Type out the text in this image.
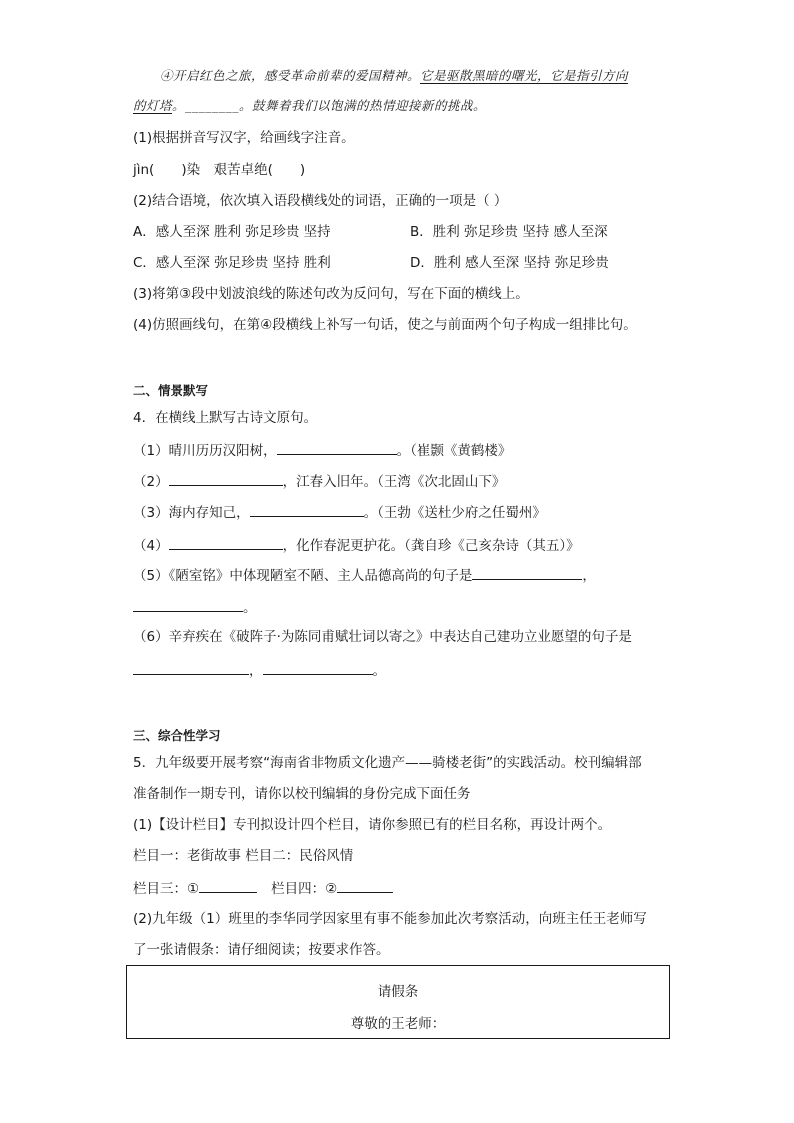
④开启红色之旅，感受革命前辈的爱国精神。它是驱散黑暗的曙光，它是指引方向
的灯塔。________。鼓舞着我们以饱满的热情迎接新的挑战。
(1)根据拼音写汉字，给画线字注音。
jìn(　　)染　艰苦卓绝(　　)
(2)结合语境，依次填入语段横线处的词语，正确的一项是（ ）
A．感人至深 胜利 弥足珍贵 坚持	B．胜利 弥足珍贵 坚持 感人至深
C．感人至深 弥足珍贵 坚持 胜利	D．胜利 感人至深 坚持 弥足珍贵
(3)将第③段中划波浪线的陈述句改为反问句，写在下面的横线上。
(4)仿照画线句，在第④段横线上补写一句话，使之与前面两个句子构成一组排比句。
二、情景默写
4．在横线上默写古诗文原句。
（1）晴川历历汉阳树，	。（崔颢《黄鹤楼》
（2）	，江春入旧年。（王湾《次北固山下》
（3）海内存知己，	。（王勃《送杜少府之任蜀州》
（4）	，化作春泥更护花。（龚自珍《己亥杂诗（其五）》
（5）《陋室铭》中体现陋室不陋、主人品德高尚的句子是	，
。
（6）辛弃疾在《破阵子·为陈同甫赋壮词以寄之》中表达自己建功立业愿望的句子是
，	。
三、综合性学习
5．九年级要开展考察“海南省非物质文化遗产——骑楼老街”的实践活动。校刊编辑部
准备制作一期专刊，请你以校刊编辑的身份完成下面任务
(1)【设计栏目】专刊拟设计四个栏目，请你参照已有的栏目名称，再设计两个。
栏目一：老街故事 栏目二：民俗风情
栏目三：①	栏目四：②
(2)九年级（1）班里的李华同学因家里有事不能参加此次考察活动，向班主任王老师写
了一张请假条：请仔细阅读；按要求作答。
请假条
尊敬的王老师：
